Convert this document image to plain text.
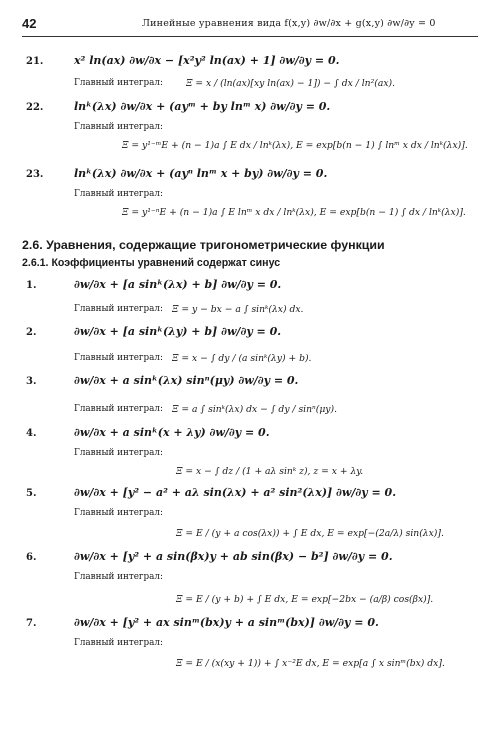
42	Линейные уравнения вида f(x,y) ∂w/∂x + g(x,y) ∂w/∂y = 0
21.	x² ln(ax) ∂w/∂x − [x²y² ln(ax) + 1] ∂w/∂y = 0.
Главный интеграл:	Ξ = x / (ln(ax)[xy ln(ax) − 1]) − ∫ dx / ln²(ax).
22.	lnᵏ(λx) ∂w/∂x + (ayᵐ + by lnᵐ x) ∂w/∂y = 0.
Главный интеграл:
Ξ = y¹⁻ᵐE + (n − 1)a ∫ E dx / lnᵏ(λx), E = exp[b(n − 1) ∫ lnᵐ x dx / lnᵏ(λx)].
23.	lnᵏ(λx) ∂w/∂x + (ayⁿ lnᵐ x + by) ∂w/∂y = 0.
Главный интеграл:
Ξ = y¹⁻ⁿE + (n − 1)a ∫ E lnᵐ x dx / lnᵏ(λx), E = exp[b(n − 1) ∫ dx / lnᵏ(λx)].
2.6. Уравнения, содержащие тригонометрические функции
2.6.1. Коэффициенты уравнений содержат синус
1.	∂w/∂x + [a sinᵏ(λx) + b] ∂w/∂y = 0.
Главный интеграл: Ξ = y − bx − a ∫ sinᵏ(λx) dx.
2.	∂w/∂x + [a sinᵏ(λy) + b] ∂w/∂y = 0.
Главный интеграл: Ξ = x − ∫ dy / (a sinᵏ(λy) + b).
3.	∂w/∂x + a sinᵏ(λx) sinⁿ(μy) ∂w/∂y = 0.
Главный интеграл: Ξ = a ∫ sinᵏ(λx) dx − ∫ dy / sinⁿ(μy).
4.	∂w/∂x + a sinᵏ(x + λy) ∂w/∂y = 0.
Главный интеграл:
Ξ = x − ∫ dz / (1 + aλ sinᵏ z), z = x + λy.
5.	∂w/∂x + [y² − a² + aλ sin(λx) + a² sin²(λx)] ∂w/∂y = 0.
Главный интеграл:
Ξ = E / (y + a cos(λx)) + ∫ E dx, E = exp[−(2a/λ) sin(λx)].
6.	∂w/∂x + [y² + a sin(βx)y + ab sin(βx) − b²] ∂w/∂y = 0.
Главный интеграл:
Ξ = E / (y + b) + ∫ E dx, E = exp[−2bx − (a/β) cos(βx)].
7.	∂w/∂x + [y² + ax sinᵐ(bx)y + a sinᵐ(bx)] ∂w/∂y = 0.
Главный интеграл:
Ξ = E / (x(xy + 1)) + ∫ x⁻²E dx, E = exp[a ∫ x sinᵐ(bx) dx].
